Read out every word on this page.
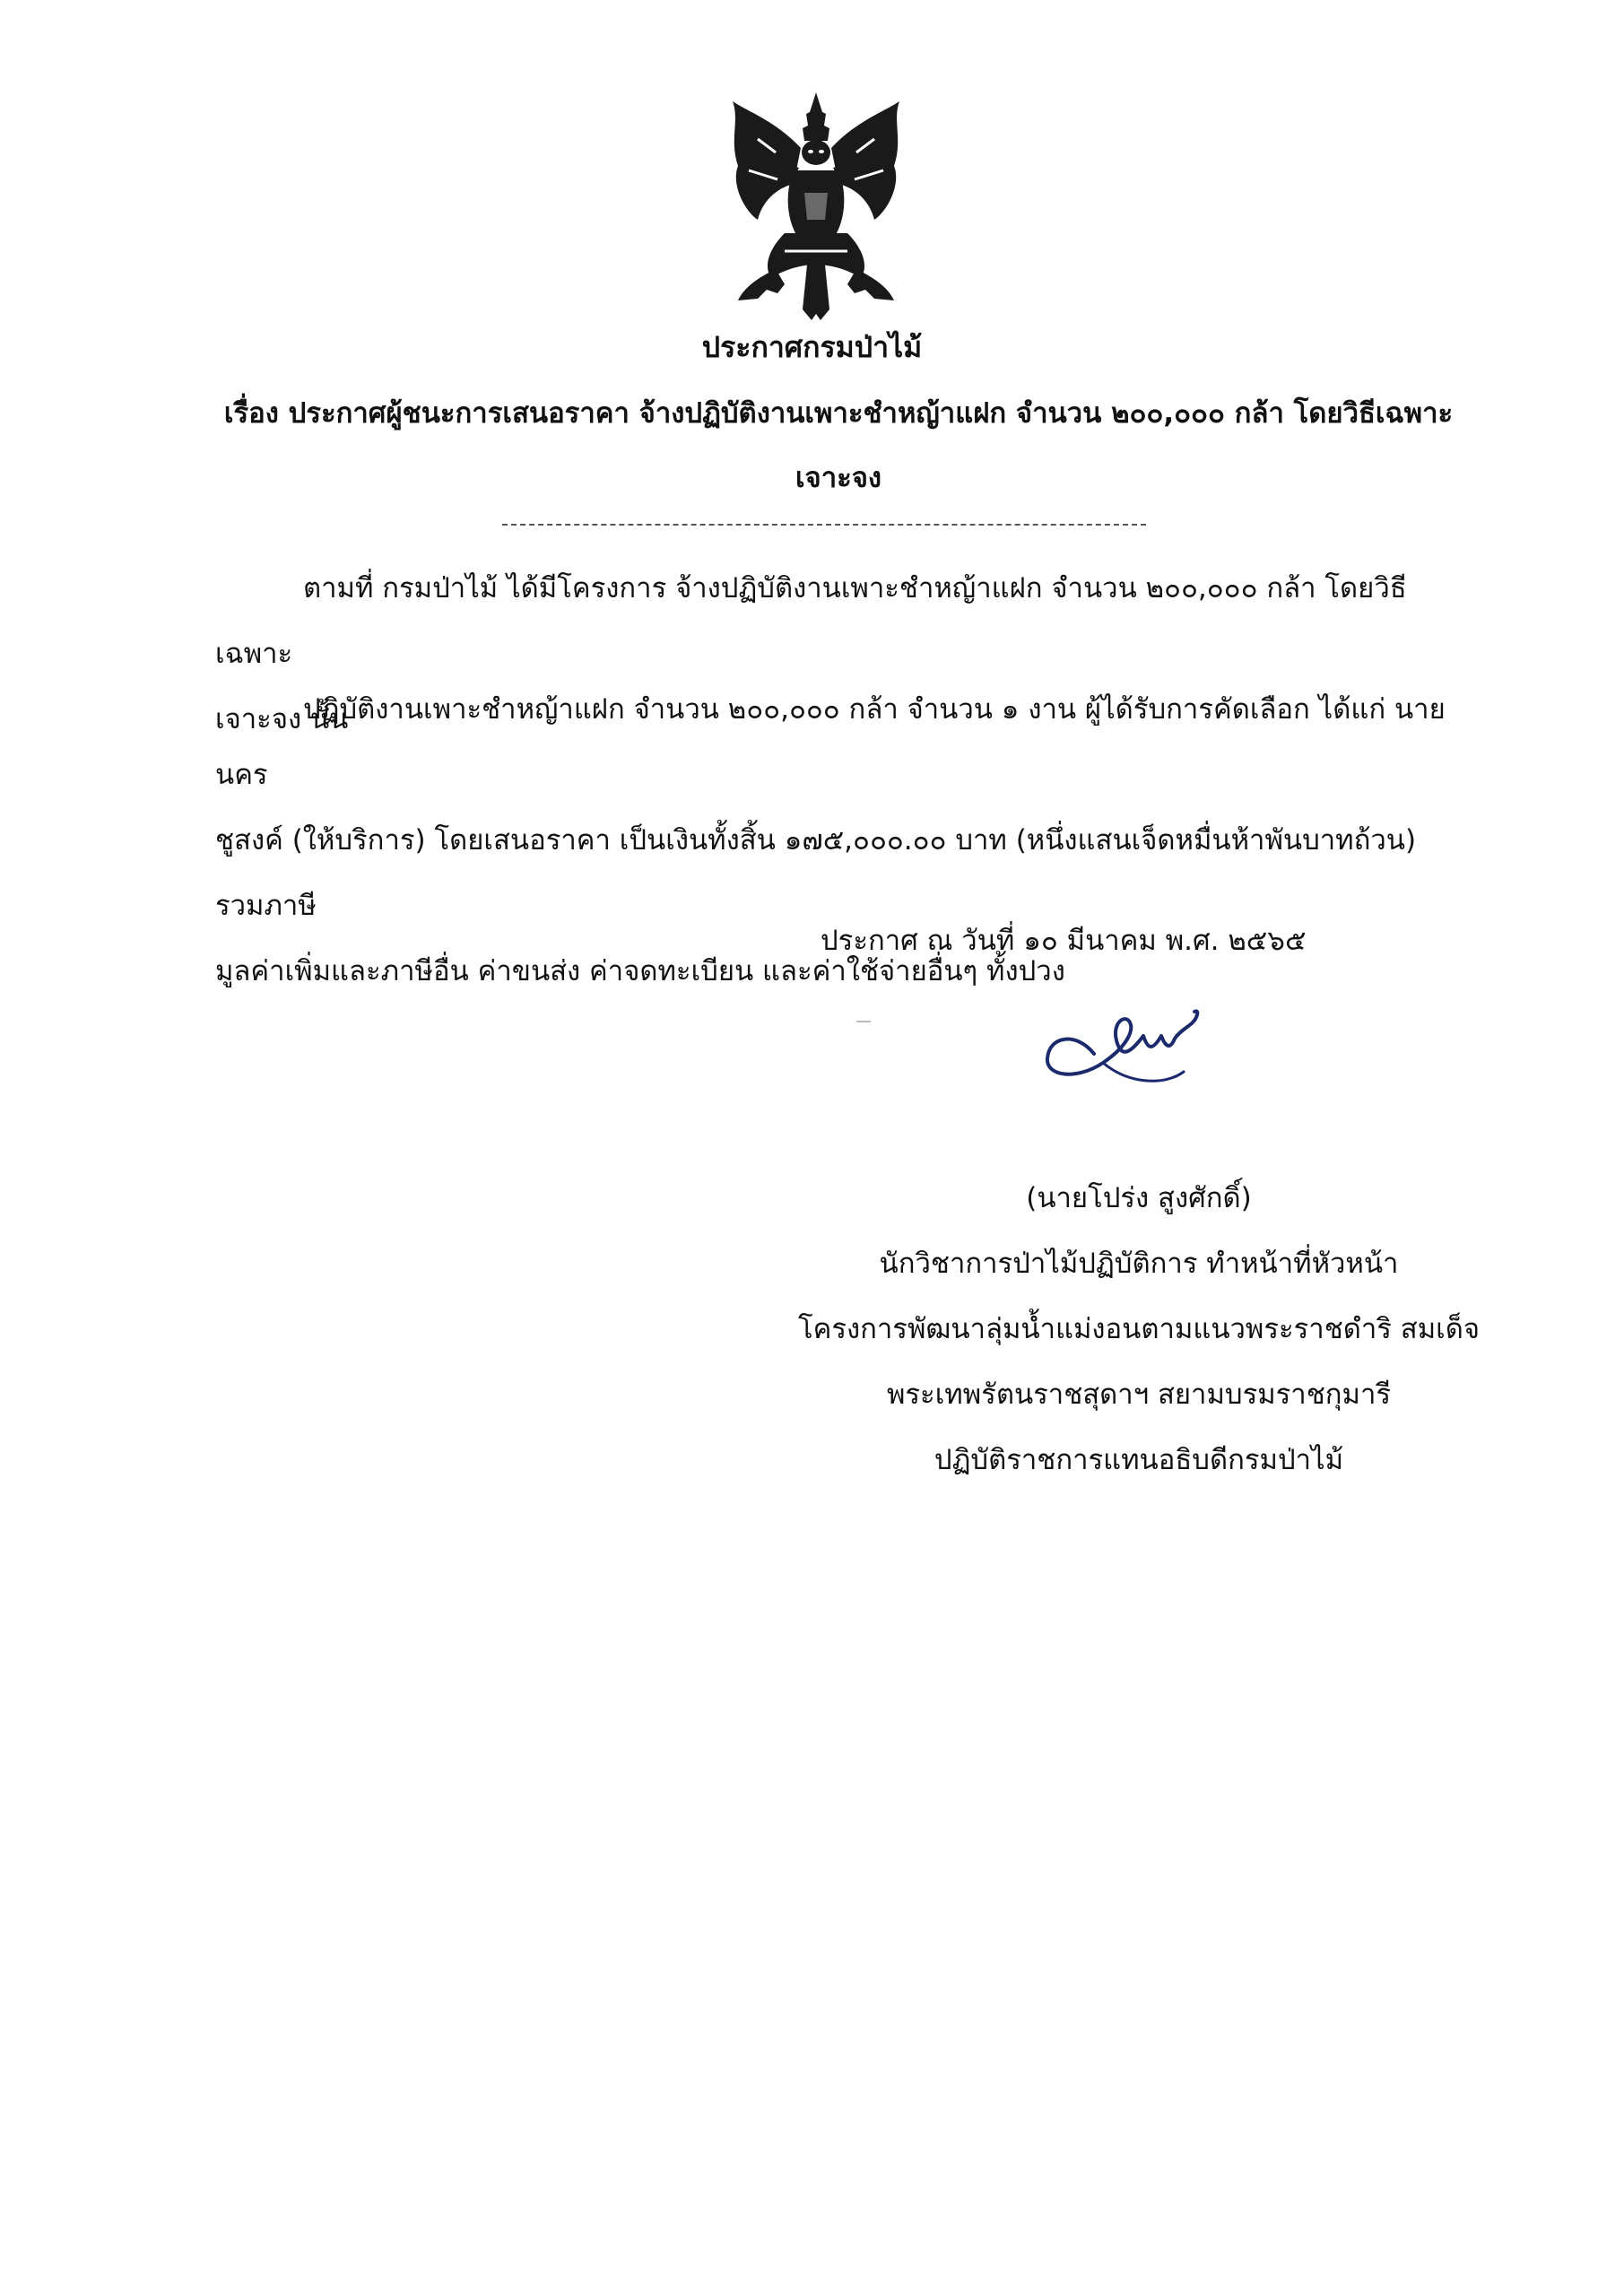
ประกาศกรมป่าไม้
เรื่อง ประกาศผู้ชนะการเสนอราคา จ้างปฏิบัติงานเพาะชำหญ้าแฝก จำนวน ๒๐๐,๐๐๐ กล้า โดยวิธีเฉพาะ
เจาะจง
ตามที่ กรมป่าไม้ ได้มีโครงการ จ้างปฏิบัติงานเพาะชำหญ้าแฝก จำนวน ๒๐๐,๐๐๐ กล้า โดยวิธีเฉพาะ
เจาะจง นั้น
ปฏิบัติงานเพาะชำหญ้าแฝก จำนวน ๒๐๐,๐๐๐ กล้า จำนวน ๑ งาน ผู้ได้รับการคัดเลือก ได้แก่ นายนคร
ชูสงค์ (ให้บริการ) โดยเสนอราคา เป็นเงินทั้งสิ้น ๑๗๕,๐๐๐.๐๐ บาท (หนึ่งแสนเจ็ดหมื่นห้าพันบาทถ้วน) รวมภาษี
มูลค่าเพิ่มและภาษีอื่น ค่าขนส่ง ค่าจดทะเบียน และค่าใช้จ่ายอื่นๆ ทั้งปวง
ประกาศ ณ วันที่ ๑๐ มีนาคม พ.ศ. ๒๕๖๕
(นายโปร่ง สูงศักดิ์)
นักวิชาการป่าไม้ปฏิบัติการ ทำหน้าที่หัวหน้า
โครงการพัฒนาลุ่มน้ำแม่งอนตามแนวพระราชดำริ สมเด็จ
พระเทพรัตนราชสุดาฯ สยามบรมราชกุมารี
ปฏิบัติราชการแทนอธิบดีกรมป่าไม้
